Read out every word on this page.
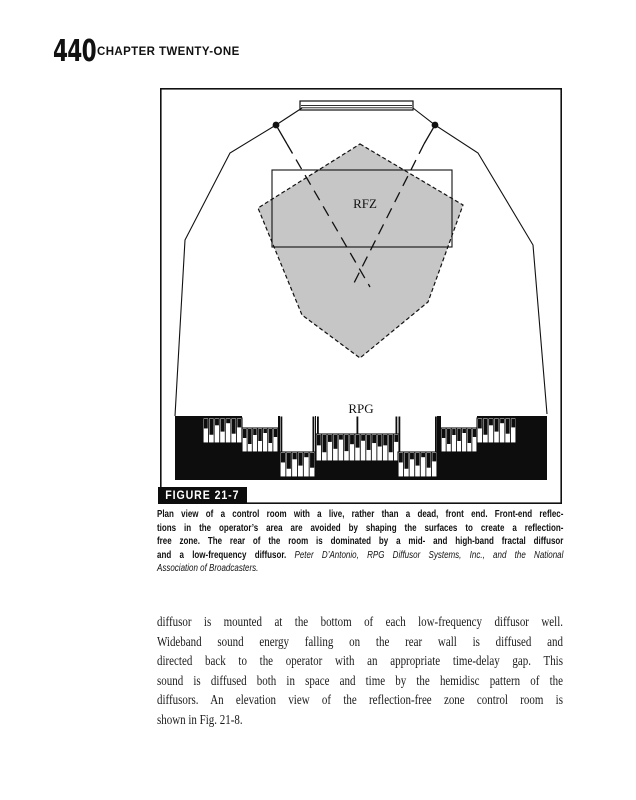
440 CHAPTER TWENTY-ONE
RFZ
RPG
FIGURE 21-7
Plan view of a control room with a live, rather than a dead, front end. Front-end reflec-
tions in the operator’s area are avoided by shaping the surfaces to create a reflection-
free zone. The rear of the room is dominated by a mid- and high-band fractal diffusor
and a low-frequency diffusor. Peter D’Antonio, RPG Diffusor Systems, Inc., and the National
Association of Broadcasters.
diffusor is mounted at the bottom of each low-frequency diffusor well.
Wideband sound energy falling on the rear wall is diffused and
directed back to the operator with an appropriate time-delay gap. This
sound is diffused both in space and time by the hemidisc pattern of the
diffusors. An elevation view of the reflection-free zone control room is
shown in Fig. 21-8.
